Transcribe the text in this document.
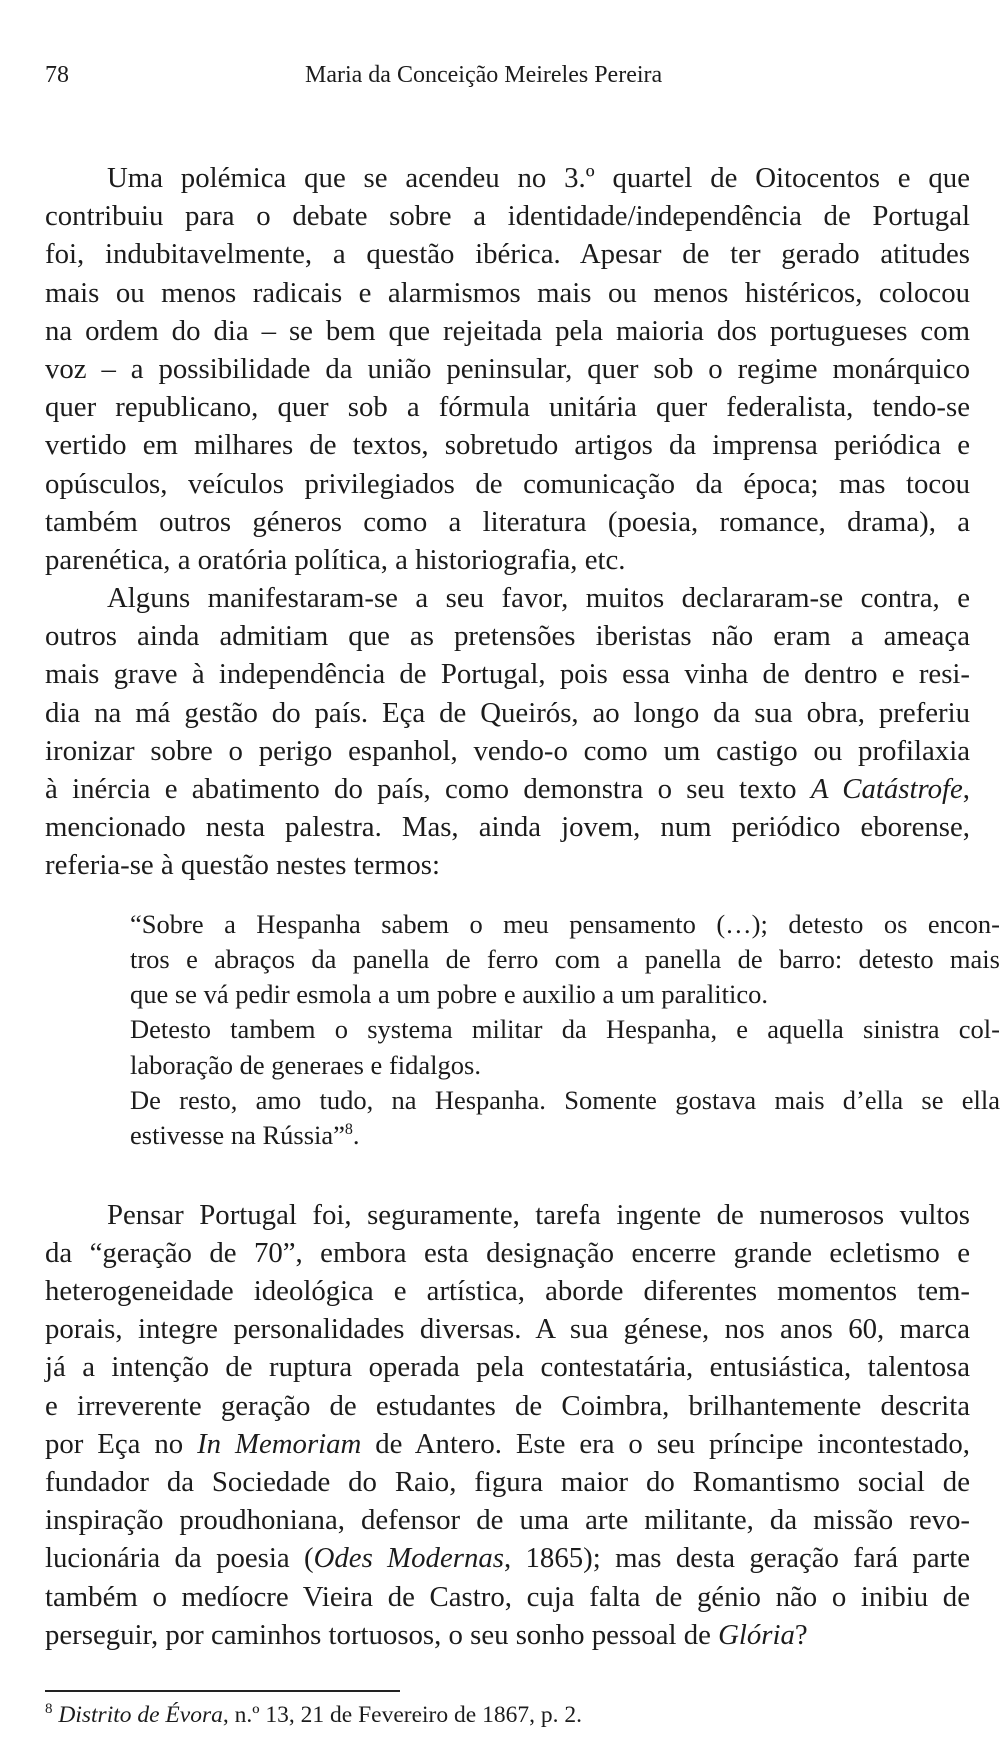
78	Maria da Conceição Meireles Pereira
Uma polémica que se acendeu no 3.º quartel de Oitocentos e que
contribuiu para o debate sobre a identidade/independência de Portugal
foi, indubitavelmente, a questão ibérica. Apesar de ter gerado atitudes
mais ou menos radicais e alarmismos mais ou menos histéricos, colocou
na ordem do dia – se bem que rejeitada pela maioria dos portugueses com
voz – a possibilidade da união peninsular, quer sob o regime monárquico
quer republicano, quer sob a fórmula unitária quer federalista, tendo-se
vertido em milhares de textos, sobretudo artigos da imprensa periódica e
opúsculos, veículos privilegiados de comunicação da época; mas tocou
também outros géneros como a literatura (poesia, romance, drama), a
parenética, a oratória política, a historiografia, etc.
Alguns manifestaram-se a seu favor, muitos declararam-se contra, e
outros ainda admitiam que as pretensões iberistas não eram a ameaça
mais grave à independência de Portugal, pois essa vinha de dentro e resi-
dia na má gestão do país. Eça de Queirós, ao longo da sua obra, preferiu
ironizar sobre o perigo espanhol, vendo-o como um castigo ou profilaxia
à inércia e abatimento do país, como demonstra o seu texto A Catástrofe,
mencionado nesta palestra. Mas, ainda jovem, num periódico eborense,
referia-se à questão nestes termos:
“Sobre a Hespanha sabem o meu pensamento (…); detesto os encon-
tros e abraços da panella de ferro com a panella de barro: detesto mais
que se vá pedir esmola a um pobre e auxilio a um paralitico.
Detesto tambem o systema militar da Hespanha, e aquella sinistra col-
laboração de generaes e fidalgos.
De resto, amo tudo, na Hespanha. Somente gostava mais d’ella se ella
estivesse na Rússia”$^8$.
Pensar Portugal foi, seguramente, tarefa ingente de numerosos vultos
da “geração de 70”, embora esta designação encerre grande ecletismo e
heterogeneidade ideológica e artística, aborde diferentes momentos tem-
porais, integre personalidades diversas. A sua génese, nos anos 60, marca
já a intenção de ruptura operada pela contestatária, entusiástica, talentosa
e irreverente geração de estudantes de Coimbra, brilhantemente descrita
por Eça no In Memoriam de Antero. Este era o seu príncipe incontestado,
fundador da Sociedade do Raio, figura maior do Romantismo social de
inspiração proudhoniana, defensor de uma arte militante, da missão revo-
lucionária da poesia (Odes Modernas, 1865); mas desta geração fará parte
também o medíocre Vieira de Castro, cuja falta de génio não o inibiu de
perseguir, por caminhos tortuosos, o seu sonho pessoal de Glória?
$^8$ Distrito de Évora, n.º 13, 21 de Fevereiro de 1867, p. 2.
